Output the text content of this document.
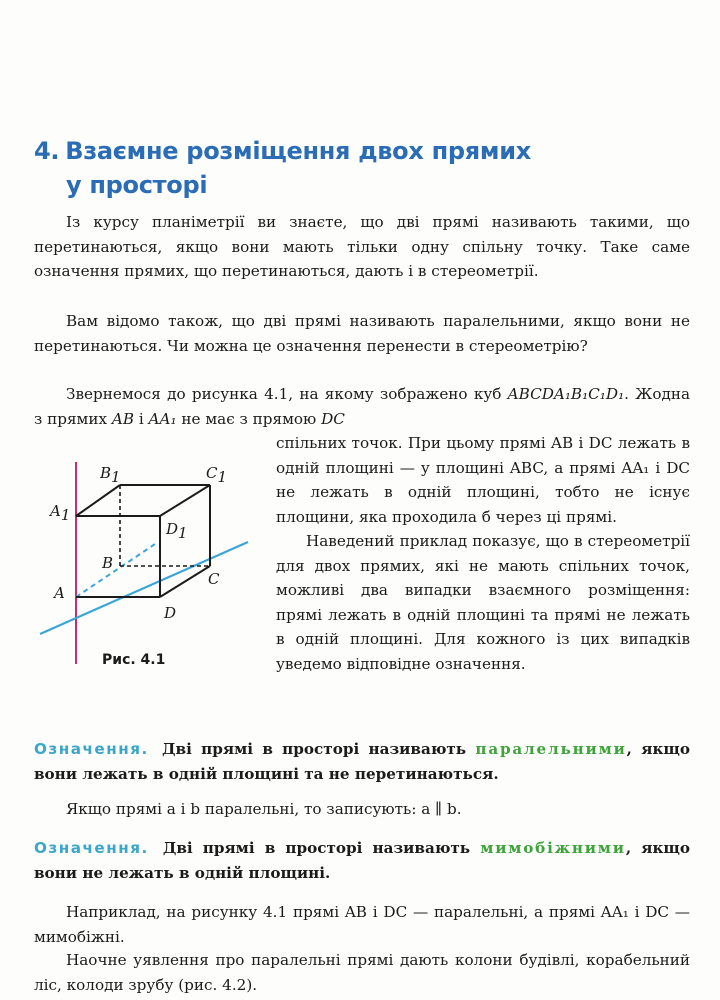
4. Взаємне розміщення двох прямих
у просторі
Із курсу планіметрії ви знаєте, що дві прямі називають такими, що перетинаються, якщо вони мають тільки одну спільну точку. Таке саме означення прямих, що перетинаються, дають і в стереометрії.
Вам відомо також, що дві прямі називають паралельними, якщо вони не перетинаються. Чи можна це означення перенести в стереометрію?
Звернемося до рисунка 4.1, на якому зображено куб ABCDA₁B₁C₁D₁. Жодна з прямих AB і AA₁ не має з прямою DC
спільних точок. При цьому прямі AB і DC лежать в одній площині — у площині ABC, а прямі AA₁ і DC не лежать в одній площині, тобто не існує площини, яка проходила б через ці прямі.
Наведений приклад показує, що в стереометрії для двох прямих, які не мають спільних точок, можливі два випадки взаємного розміщення: прямі лежать в одній площині та прямі не лежать в одній площині. Для кожного із цих випадків уведемо відповідне означення.
A1
B1	C1
D1
B
C
A
D
Рис. 4.1
Означення. Дві прямі в просторі називають паралельними, якщо вони лежать в одній площині та не перетинаються.
Якщо прямі a і b паралельні, то записують: a ∥ b.
Означення. Дві прямі в просторі називають мимобіжними, якщо вони не лежать в одній площині.
Наприклад, на рисунку 4.1 прямі AB і DC — паралельні, а прямі AA₁ і DC — мимобіжні.
Наочне уявлення про паралельні прямі дають колони будівлі, корабельний ліс, колоди зрубу (рис. 4.2).
